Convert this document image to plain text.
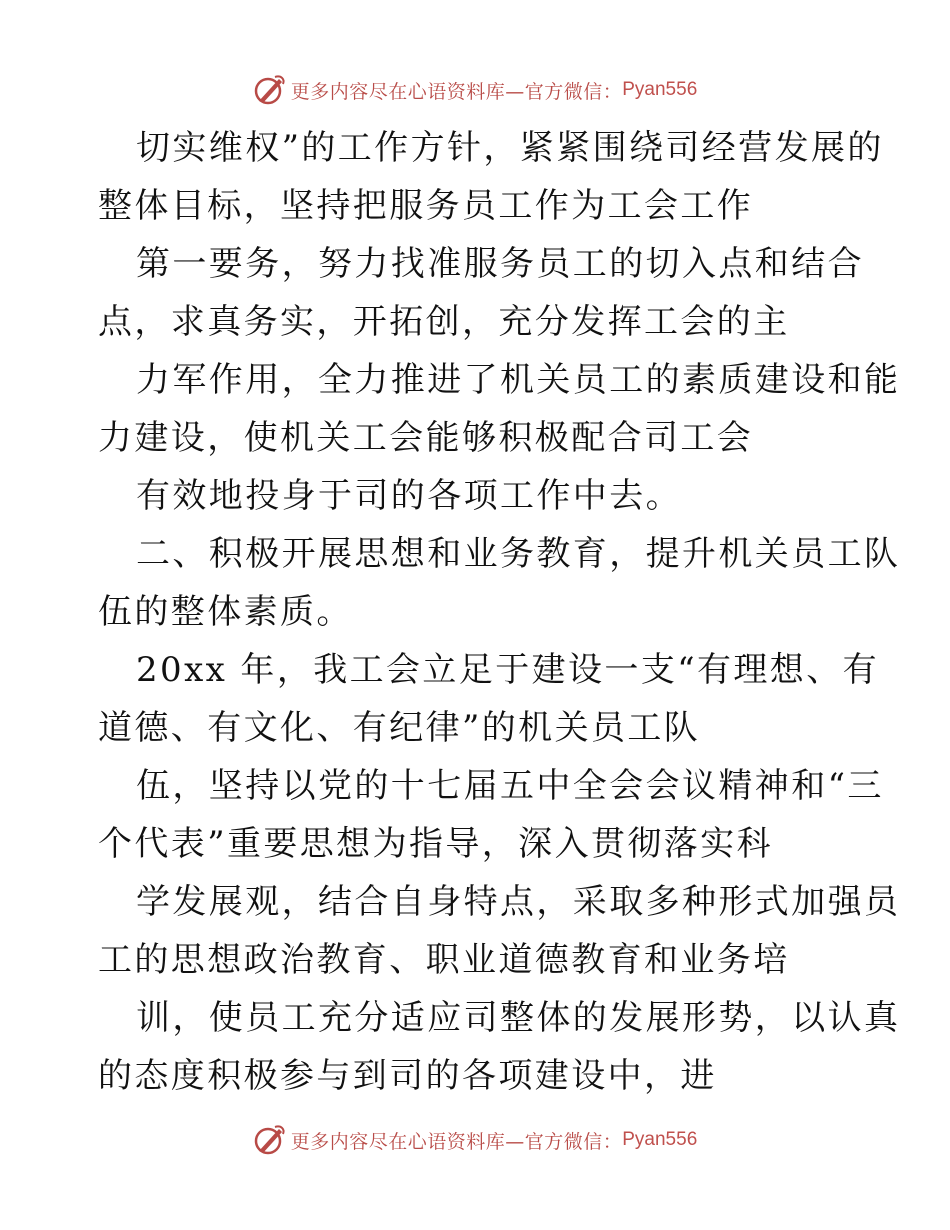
更多内容尽在心语资料库—官方微信： Pyan556
切实维权”的工作方针，紧紧围绕司经营发展的
整体目标，坚持把服务员工作为工会工作
第一要务，努力找准服务员工的切入点和结合
点，求真务实，开拓创，充分发挥工会的主
力军作用，全力推进了机关员工的素质建设和能
力建设，使机关工会能够积极配合司工会
有效地投身于司的各项工作中去。
二、积极开展思想和业务教育，提升机关员工队
伍的整体素质。
20xx 年，我工会立足于建设一支“有理想、有
道德、有文化、有纪律”的机关员工队
伍，坚持以党的十七届五中全会会议精神和“三
个代表”重要思想为指导，深入贯彻落实科
学发展观，结合自身特点，采取多种形式加强员
工的思想政治教育、职业道德教育和业务培
训，使员工充分适应司整体的发展形势，以认真
的态度积极参与到司的各项建设中，进
更多内容尽在心语资料库—官方微信： Pyan556
